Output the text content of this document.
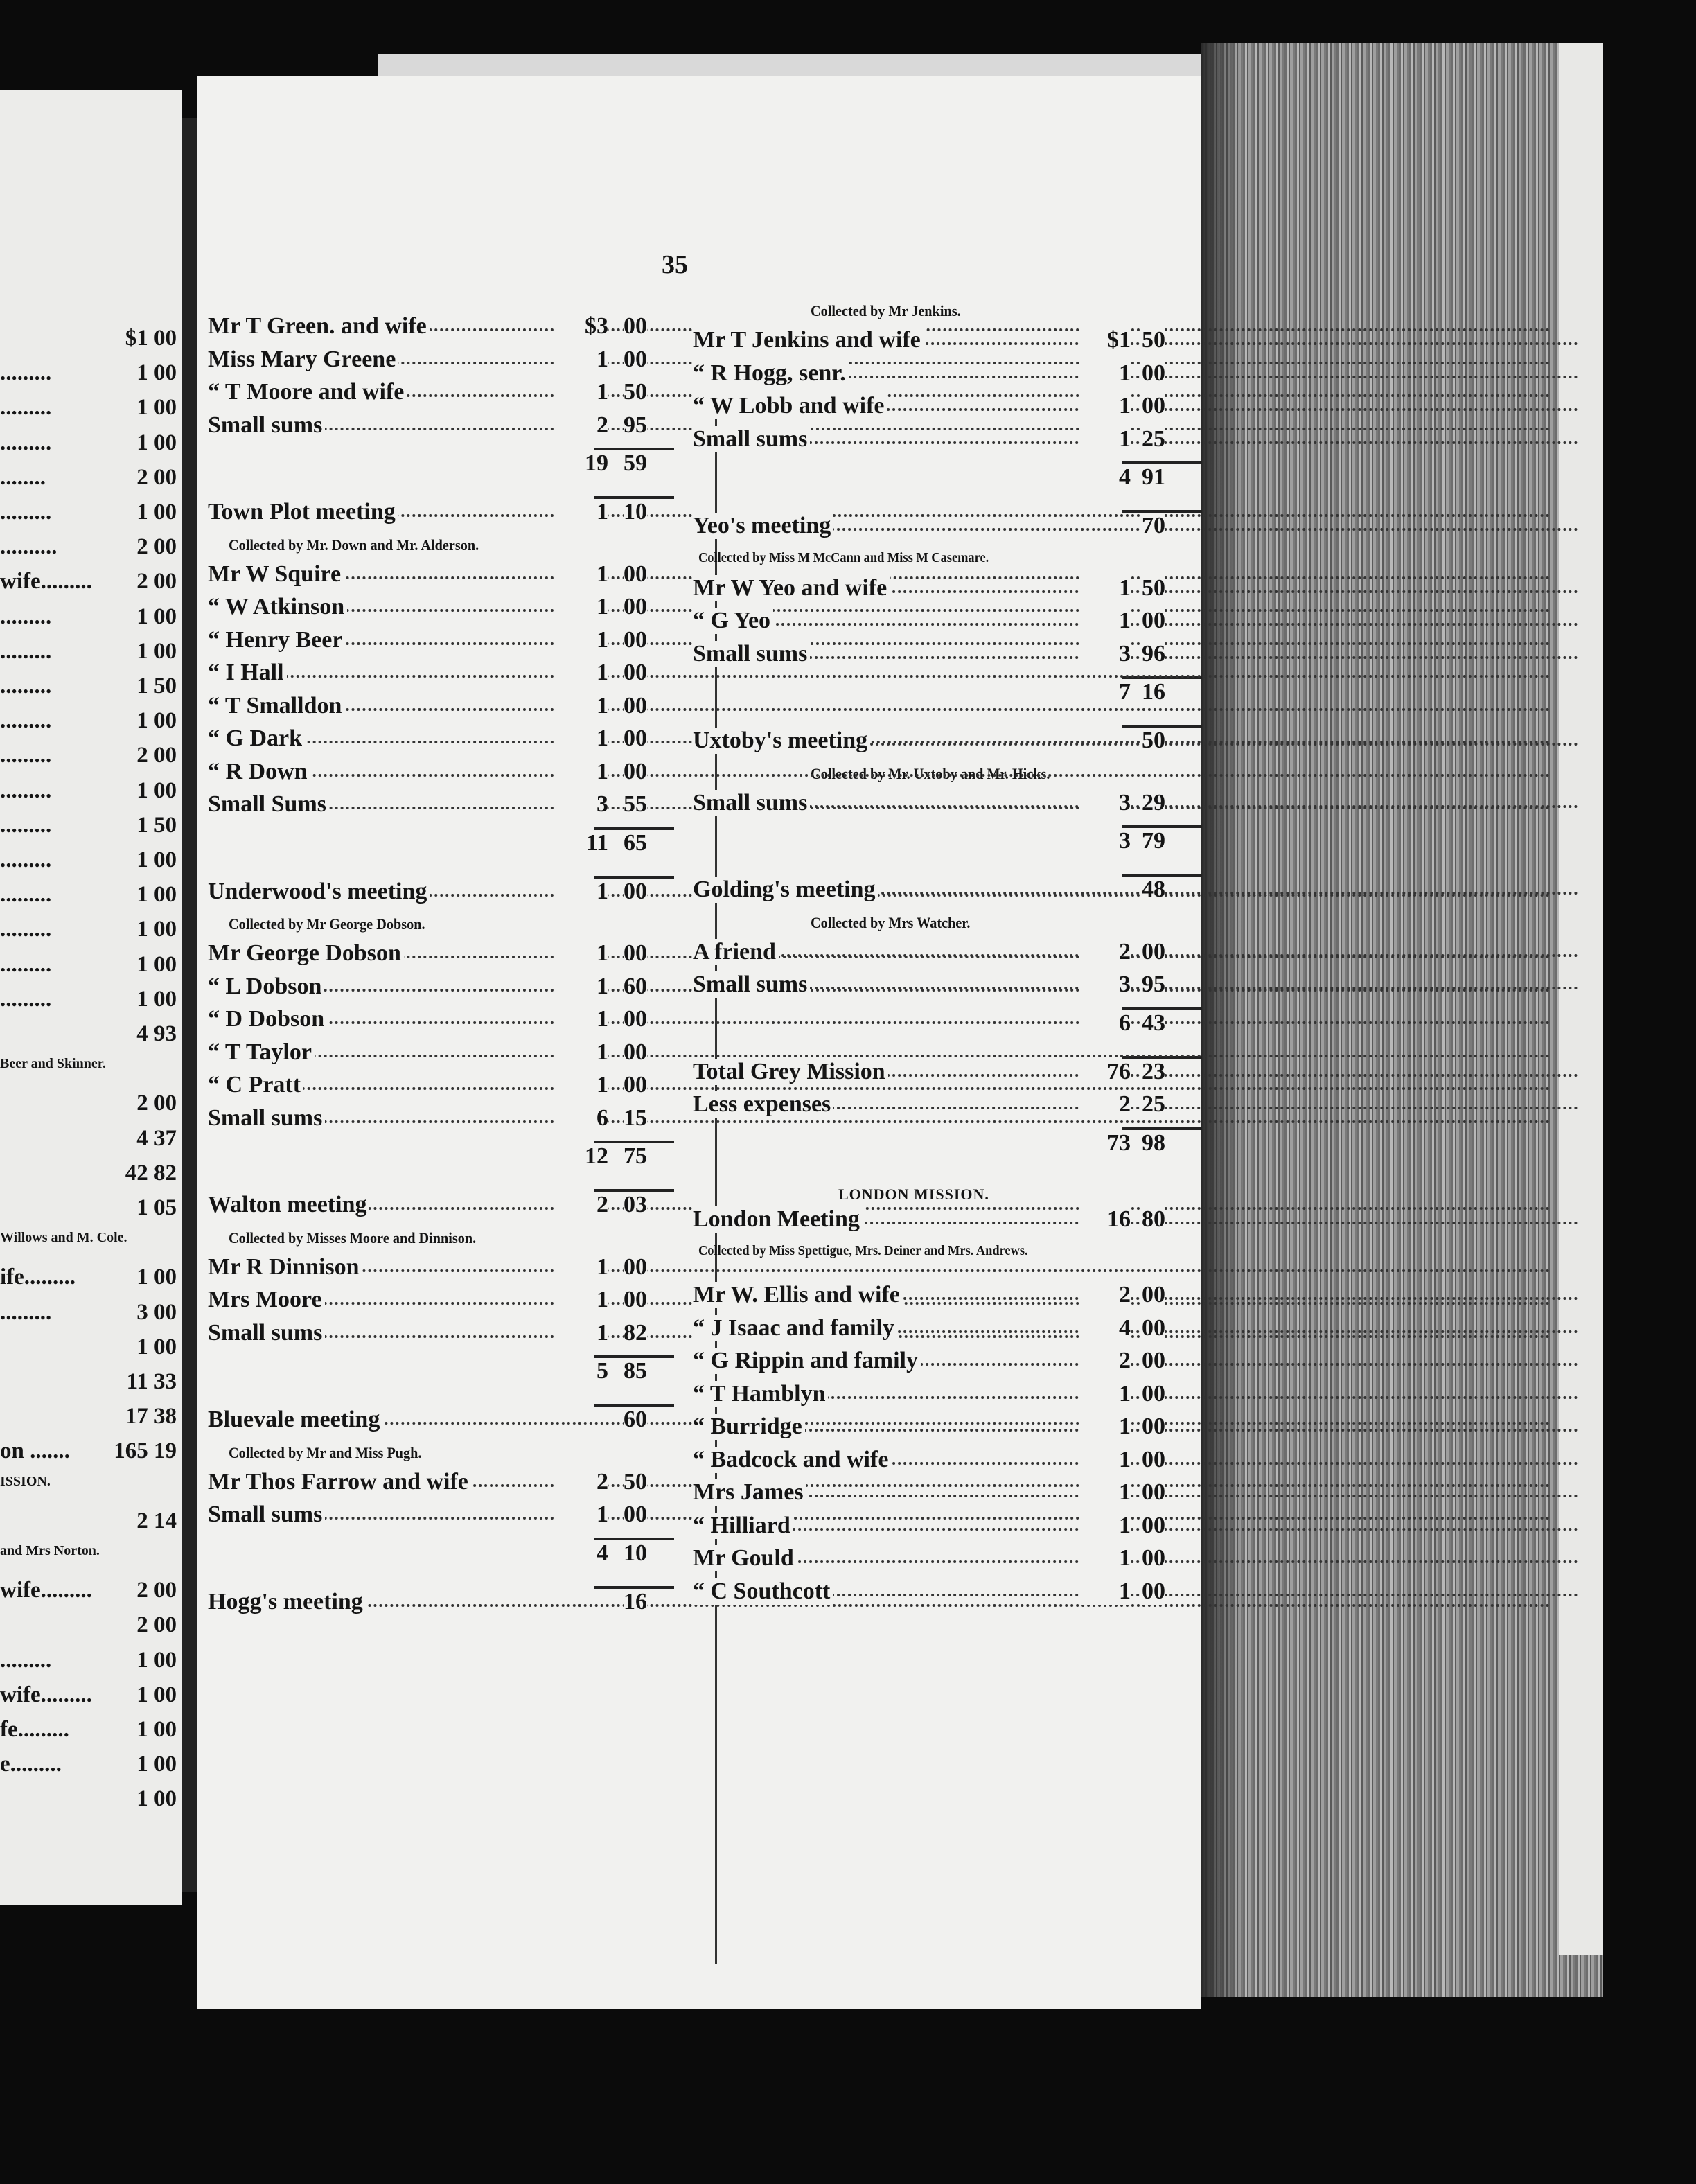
$1 00
.........	1 00
.........	1 00
.........	1 00
........	2 00
.........	1 00
..........	2 00
wife......... 2 00
.........	1 00
.........	1 00
.........	1 50
.........	1 00
.........	2 00
.........	1 00
.........	1 50
.........	1 00
.........	1 00
.........	1 00
.........	1 00
.........	1 00
4 93
Beer and Skinner.
2 00
4 37
42 82
1 05
Willows and M. Cole.
ife.........	1 00
.........	3 00
1 00
11 33
17 38
on ....... 165 19
ISSION.
2 14
and Mrs Norton.
wife......... 2 00
2 00
.........	1 00
wife......... 1 00
fe.........	1 00
e.........	1 00
1 00
35
Mr T Green. and wife	$3 00
Miss Mary Greene	1 00
“ T Moore and wife	1 50
Small sums	2 95
19 59
Town Plot meeting	1 10
Collected by Mr. Down and Mr. Alderson.
Mr W Squire	1 00
“ W Atkinson	1 00
“ Henry Beer	1 00
“ I Hall	1 00
“ T Smalldon	1 00
“ G Dark	1 00
“ R Down	1 00
Small Sums	3 55
11 65
Underwood's meeting	1 00
Collected by Mr George Dobson.
Mr George Dobson	1 00
“ L Dobson	1 60
“ D Dobson	1 00
“ T Taylor	1 00
“ C Pratt	1 00
Small sums	6 15
12 75
Walton meeting	2 03
Collected by Misses Moore and Dinnison.
Mr R Dinnison	1 00
Mrs Moore	1 00
Small sums	1 82
5 85
Bluevale meeting	60
Collected by Mr and Miss Pugh.
Mr Thos Farrow and wife	2 50
Small sums	1 00
4 10
Hogg's meeting	16
Collected by Mr Jenkins.
Mr T Jenkins and wife	$1 50
“ R Hogg, senr.	1 00
“ W Lobb and wife	1 00
Small sums	1 25
4 91
Yeo's meeting	70
Collected by Miss M McCann and Miss M Casemare.
Mr W Yeo and wife	1 50
“ G Yeo	1 00
Small sums	3 96
7 16
Uxtoby's meeting	50
Collected by Mr. Uxtoby and Mr. Hicks.
Small sums	3 29
3 79
Golding's meeting	48
Collected by Mrs Watcher.
A friend	2 00
Small sums	3 95
6 43
Total Grey Mission	76 23
Less expenses	2 25
73 98
LONDON MISSION.
London Meeting	16 80
Collected by Miss Spettigue, Mrs. Deiner and Mrs. Andrews.
Mr W. Ellis and wife	2 00
“ J Isaac and family	4 00
“ G Rippin and family	2 00
“ T Hamblyn	1 00
“ Burridge	1 00
“ Badcock and wife	1 00
Mrs James	1 00
“ Hilliard	1 00
Mr Gould	1 00
“ C Southcott	1 00
